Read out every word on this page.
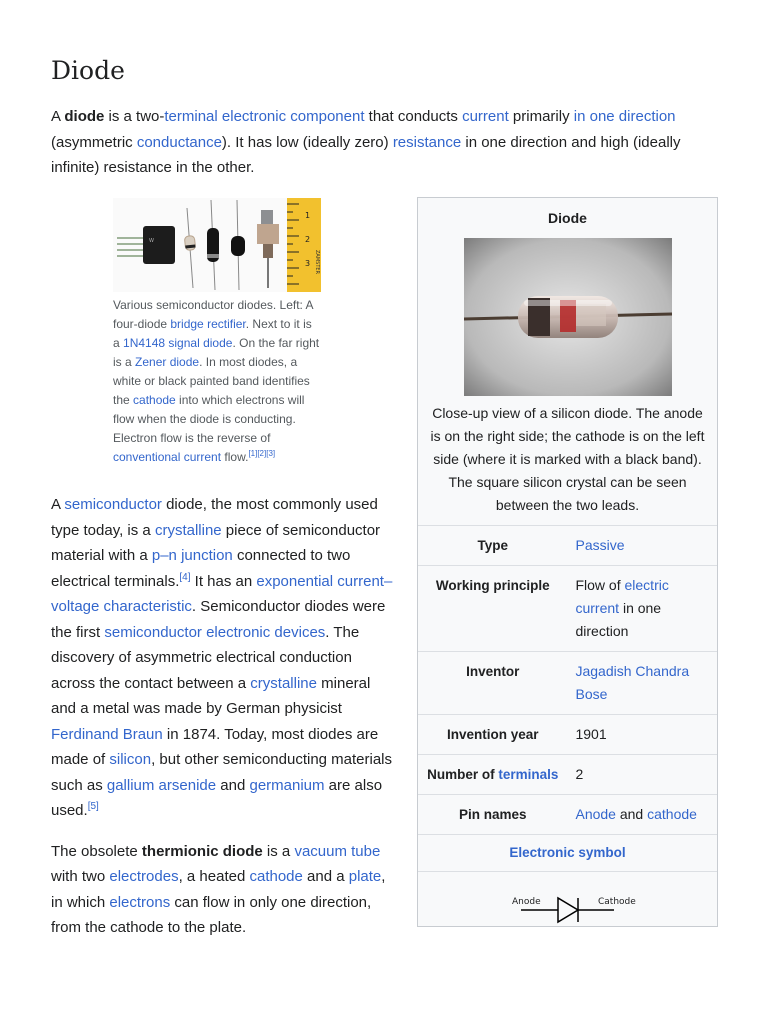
Diode

A diode is a two-terminal electronic component that conducts current primarily in one direction (asymmetric conductance). It has low (ideally zero) resistance in one direction and high (ideally infinite) resistance in the other.

W
1
2
3 ZAMSTER

Various semiconductor diodes. Left: A four-diode bridge rectifier. Next to it is a 1N4148 signal diode. On the far right is a Zener diode. In most diodes, a white or black painted band identifies the cathode into which electrons will flow when the diode is conducting. Electron flow is the reverse of conventional current flow.[1][2][3]

A semiconductor diode, the most commonly used type today, is a crystalline piece of semiconductor material with a p–n junction connected to two electrical terminals.[4] It has an exponential current–voltage characteristic. Semiconductor diodes were the first semiconductor electronic devices. The discovery of asymmetric electrical conduction across the contact between a crystalline mineral and a metal was made by German physicist Ferdinand Braun in 1874. Today, most diodes are made of silicon, but other semiconducting materials such as gallium arsenide and germanium are also used.[5]

The obsolete thermionic diode is a vacuum tube with two electrodes, a heated cathode and a plate, in which electrons can flow in only one direction, from the cathode to the plate.

Diode

Close-up view of a silicon diode. The anode is on the right side; the cathode is on the left side (where it is marked with a black band). The square silicon crystal can be seen between the two leads.

Type	Passive
Working principle	Flow of electric current in one direction
Inventor	Jagadish Chandra Bose
Invention year	1901
Number of terminals	2
Pin names	Anode and cathode
Electronic symbol
Anode	Cathode
